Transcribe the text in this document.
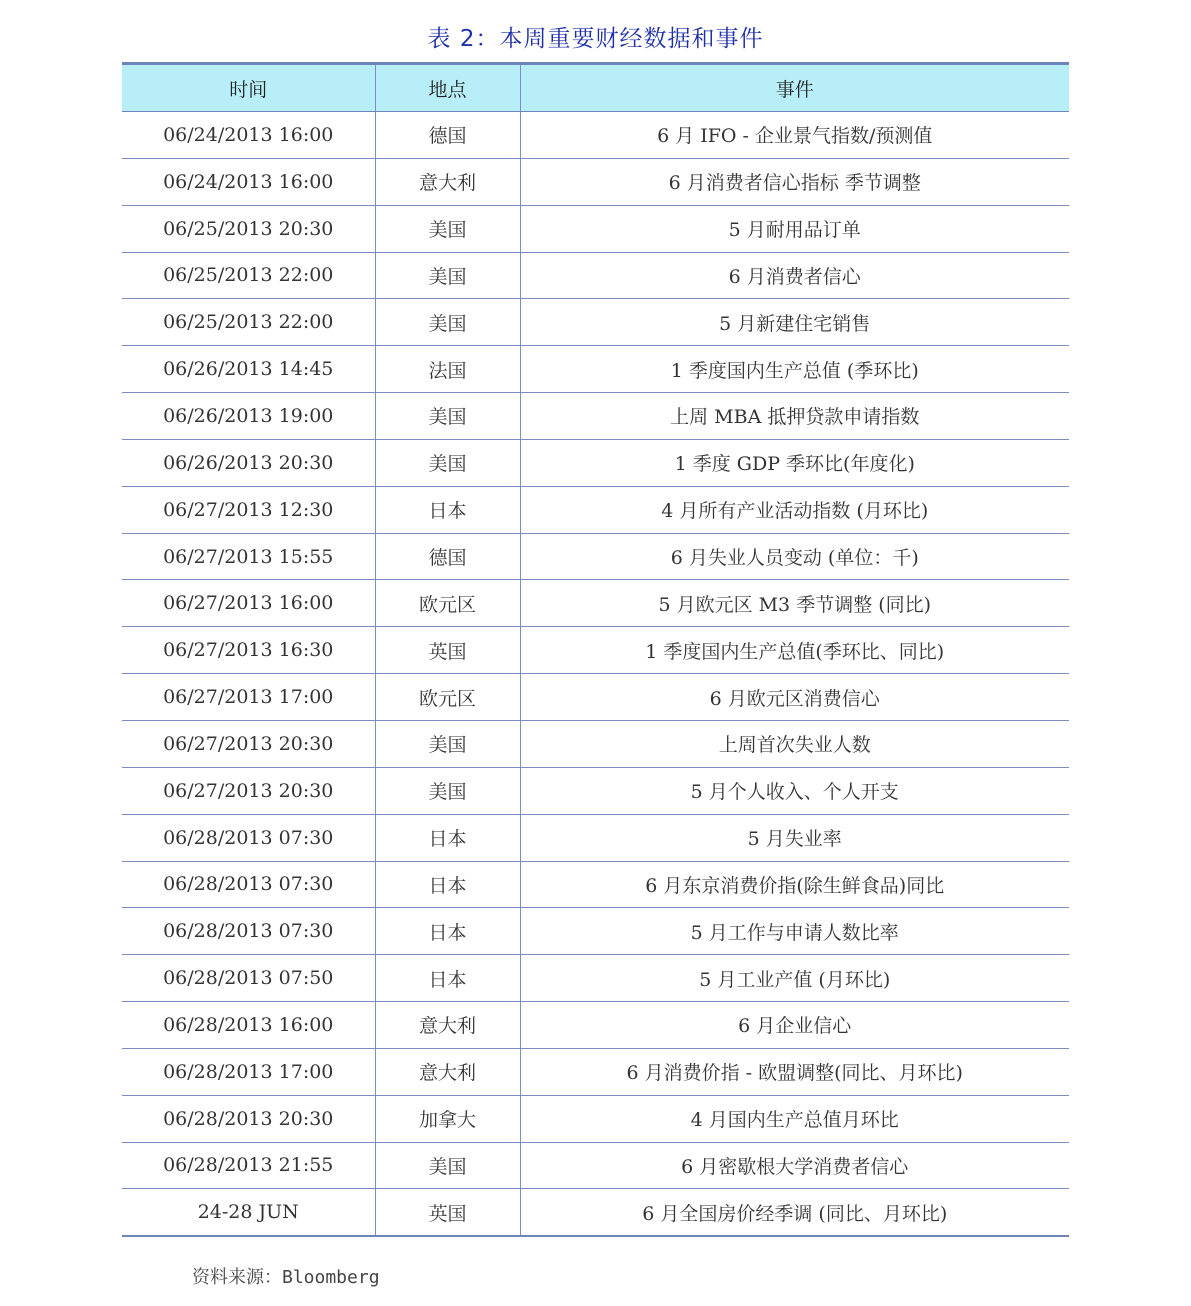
表 2：本周重要财经数据和事件
时间	地点	事件
06/24/2013 16:00	德国	6 月 IFO - 企业景气指数/预测值
06/24/2013 16:00	意大利	6 月消费者信心指标 季节调整
06/25/2013 20:30	美国	5 月耐用品订单
06/25/2013 22:00	美国	6 月消费者信心
06/25/2013 22:00	美国	5 月新建住宅销售
06/26/2013 14:45	法国	1 季度国内生产总值 (季环比)
06/26/2013 19:00	美国	上周 MBA 抵押贷款申请指数
06/26/2013 20:30	美国	1 季度 GDP 季环比(年度化)
06/27/2013 12:30	日本	4 月所有产业活动指数 (月环比)
06/27/2013 15:55	德国	6 月失业人员变动 (单位：千)
06/27/2013 16:00	欧元区	5 月欧元区 M3 季节调整 (同比)
06/27/2013 16:30	英国	1 季度国内生产总值(季环比、同比)
06/27/2013 17:00	欧元区	6 月欧元区消费信心
06/27/2013 20:30	美国	上周首次失业人数
06/27/2013 20:30	美国	5 月个人收入、个人开支
06/28/2013 07:30	日本	5 月失业率
06/28/2013 07:30	日本	6 月东京消费价指(除生鲜食品)同比
06/28/2013 07:30	日本	5 月工作与申请人数比率
06/28/2013 07:50	日本	5 月工业产值 (月环比)
06/28/2013 16:00	意大利	6 月企业信心
06/28/2013 17:00	意大利	6 月消费价指 - 欧盟调整(同比、月环比)
06/28/2013 20:30	加拿大	4 月国内生产总值月环比
06/28/2013 21:55	美国	6 月密歇根大学消费者信心
24-28 JUN	英国	6 月全国房价经季调 (同比、月环比)
资料来源：Bloomberg
